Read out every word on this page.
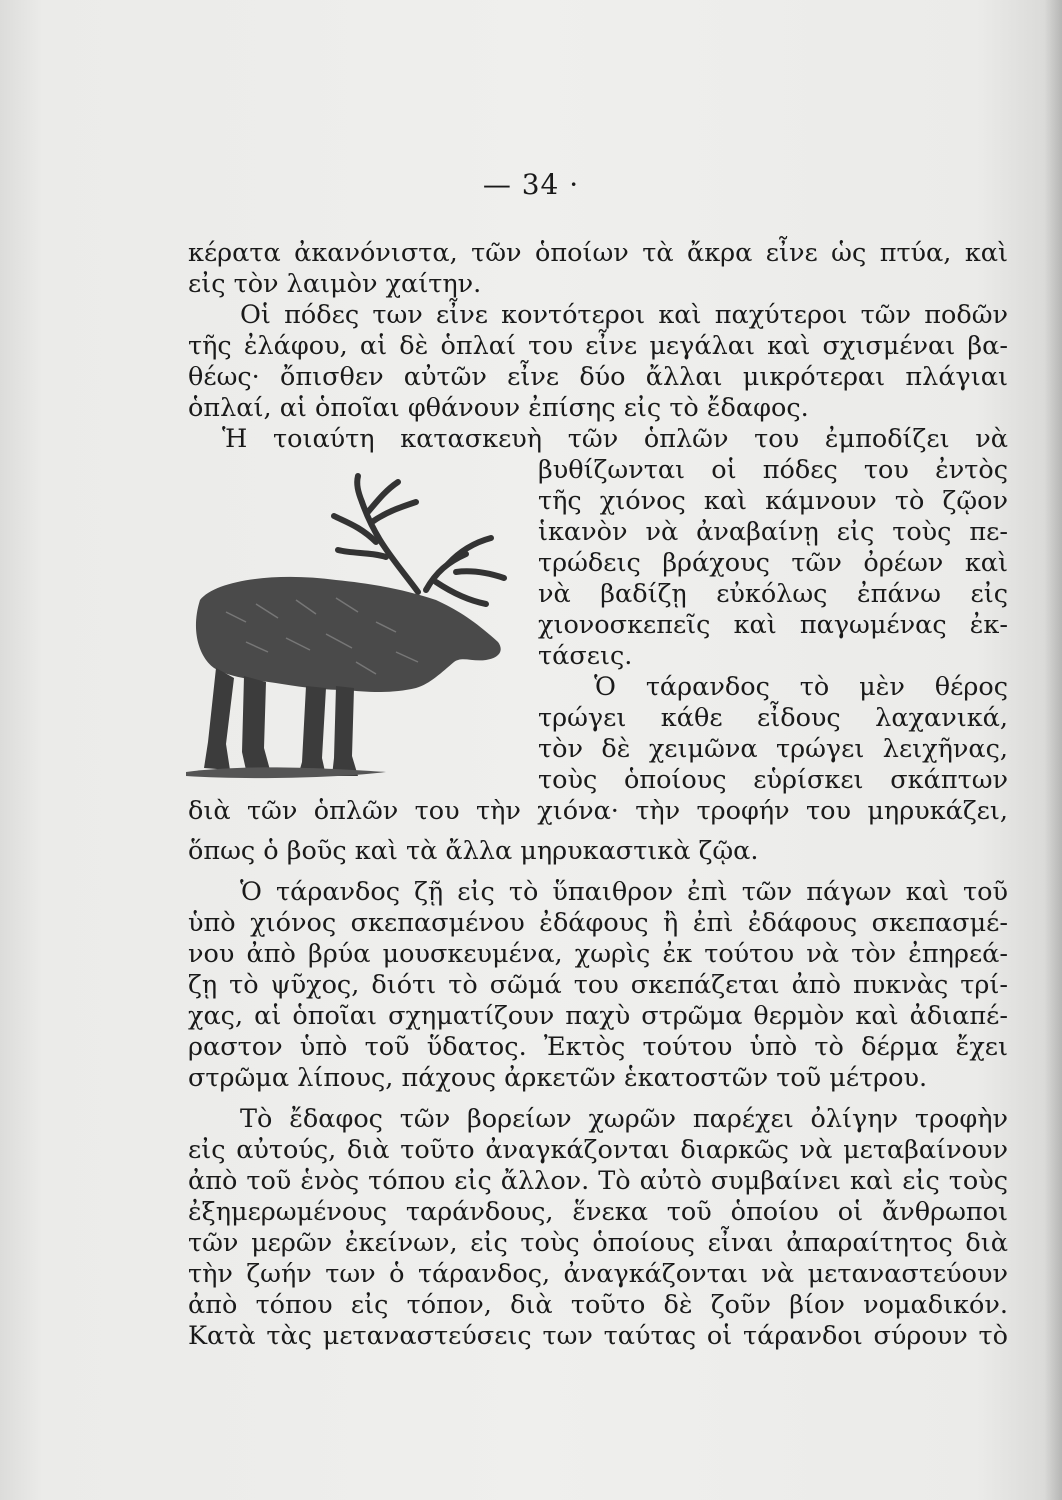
— 34 ·

κέρατα ἀκανόνιστα, τῶν ὁποίων τὰ ἄκρα εἶνε ὡς πτύα, καὶ
εἰς τὸν λαιμὸν χαίτην.

Οἱ πόδες των εἶνε κοντότεροι καὶ παχύτεροι τῶν ποδῶν
τῆς ἐλάφου, αἱ δὲ ὁπλαί του εἶνε μεγάλαι καὶ σχισμέναι βα-
θέως· ὄπισθεν αὐτῶν εἶνε δύο ἄλλαι μικρότεραι πλάγιαι
ὁπλαί, αἱ ὁποῖαι φθάνουν ἐπίσης εἰς τὸ ἔδαφος.

Ἡ τοιαύτη κατασκευὴ τῶν ὁπλῶν του ἐμποδίζει νὰ

βυθίζωνται οἱ πόδες του ἐντὸς
τῆς χιόνος καὶ κάμνουν τὸ ζῷον
ἱκανὸν νὰ ἀναβαίνῃ εἰς τοὺς πε-
τρώδεις βράχους τῶν ὀρέων καὶ
νὰ βαδίζῃ εὐκόλως ἐπάνω εἰς
χιονοσκεπεῖς καὶ παγωμένας ἐκ-
τάσεις.
Ὁ τάρανδος τὸ μὲν θέρος
τρώγει κάθε εἶδους λαχανικά,
τὸν δὲ χειμῶνα τρώγει λειχῆνας,
τοὺς ὁποίους εὑρίσκει σκάπτων
διὰ τῶν ὁπλῶν του τὴν χιόνα· τὴν τροφήν του μηρυκάζει,

ὅπως ὁ βοῦς καὶ τὰ ἄλλα μηρυκαστικὰ ζῷα.

Ὁ τάρανδος ζῇ εἰς τὸ ὕπαιθρον ἐπὶ τῶν πάγων καὶ τοῦ
ὑπὸ χιόνος σκεπασμένου ἐδάφους ἢ ἐπὶ ἐδάφους σκεπασμέ-
νου ἀπὸ βρύα μουσκευμένα, χωρὶς ἐκ τούτου νὰ τὸν ἐπηρεά-
ζῃ τὸ ψῦχος, διότι τὸ σῶμά του σκεπάζεται ἀπὸ πυκνὰς τρί-
χας, αἱ ὁποῖαι σχηματίζουν παχὺ στρῶμα θερμὸν καὶ ἀδιαπέ-
ραστον ὑπὸ τοῦ ὕδατος. Ἐκτὸς τούτου ὑπὸ τὸ δέρμα ἔχει
στρῶμα λίπους, πάχους ἀρκετῶν ἑκατοστῶν τοῦ μέτρου.

Τὸ ἔδαφος τῶν βορείων χωρῶν παρέχει ὀλίγην τροφὴν
εἰς αὐτούς, διὰ τοῦτο ἀναγκάζονται διαρκῶς νὰ μεταβαίνουν
ἀπὸ τοῦ ἑνὸς τόπου εἰς ἄλλον. Τὸ αὐτὸ συμβαίνει καὶ εἰς τοὺς
ἐξημερωμένους ταράνδους, ἕνεκα τοῦ ὁποίου οἱ ἄνθρωποι
τῶν μερῶν ἐκείνων, εἰς τοὺς ὁποίους εἶναι ἀπαραίτητος διὰ
τὴν ζωήν των ὁ τάρανδος, ἀναγκάζονται νὰ μεταναστεύουν
ἀπὸ τόπου εἰς τόπον, διὰ τοῦτο δὲ ζοῦν βίον νομαδικόν.
Κατὰ τὰς μεταναστεύσεις των ταύτας οἱ τάρανδοι σύρουν τὸ
